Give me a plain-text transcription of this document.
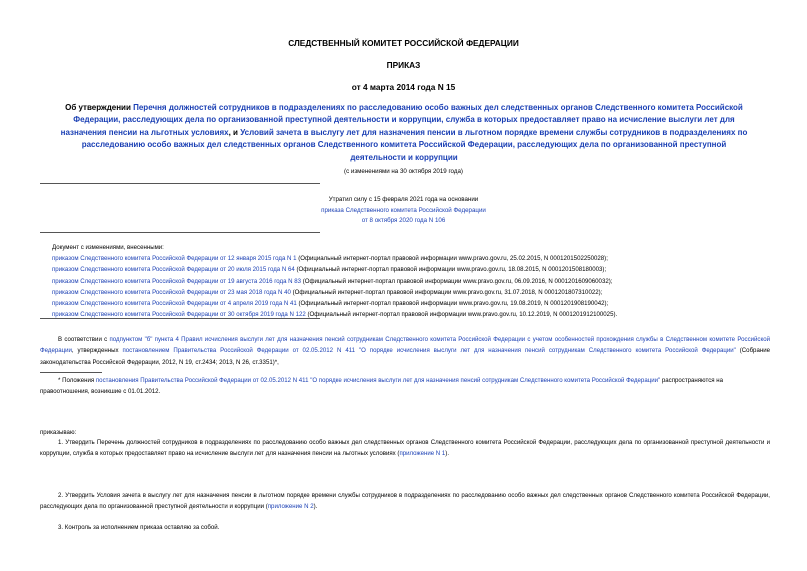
СЛЕДСТВЕННЫЙ КОМИТЕТ РОССИЙСКОЙ ФЕДЕРАЦИИ
ПРИКАЗ
от 4 марта 2014 года N 15
Об утверждении Перечня должностей сотрудников в подразделениях по расследованию особо важных дел следственных органов Следственного комитета Российской Федерации, расследующих дела по организованной преступной деятельности и коррупции, служба в которых предоставляет право на исчисление выслуги лет для назначения пенсии на льготных условиях, и Условий зачета в выслугу лет для назначения пенсии в льготном порядке времени службы сотрудников в подразделениях по расследованию особо важных дел следственных органов Следственного комитета Российской Федерации, расследующих дела по организованной преступной деятельности и коррупции
(с изменениями на 30 октября 2019 года)
Утратил силу с 15 февраля 2021 года на основании
приказа Следственного комитета Российской Федерации
от 8 октября 2020 года N 106
Документ с изменениями, внесенными:
приказом Следственного комитета Российской Федерации от 12 января 2015 года N 1 (Официальный интернет-портал правовой информации www.pravo.gov.ru, 25.02.2015, N 0001201502250028);
приказом Следственного комитета Российской Федерации от 20 июля 2015 года N 64 (Официальный интернет-портал правовой информации www.pravo.gov.ru, 18.08.2015, N 0001201508180003);
приказом Следственного комитета Российской Федерации от 19 августа 2016 года N 83 (Официальный интернет-портал правовой информации www.pravo.gov.ru, 06.09.2016, N 0001201609060032);
приказом Следственного комитета Российской Федерации от 23 мая 2018 года N 40 (Официальный интернет-портал правовой информации www.pravo.gov.ru, 31.07.2018, N 0001201807310022);
приказом Следственного комитета Российской Федерации от 4 апреля 2019 года N 41 (Официальный интернет-портал правовой информации www.pravo.gov.ru, 19.08.2019, N 0001201908190042);
приказом Следственного комитета Российской Федерации от 30 октября 2019 года N 122 (Официальный интернет-портал правовой информации www.pravo.gov.ru, 10.12.2019, N 0001201912100025).
В соответствии с подпунктом "б" пункта 4 Правил исчисления выслуги лет для назначения пенсий сотрудникам Следственного комитета Российской Федерации с учетом особенностей прохождения службы в Следственном комитете Российской Федерации, утвержденных постановлением Правительства Российской Федерации от 02.05.2012 N 411 "О порядке исчисления выслуги лет для назначения пенсий сотрудникам Следственного комитета Российской Федерации" (Собрание законодательства Российской Федерации, 2012, N 19, ст.2434; 2013, N 26, ст.3351)*,
* Положения постановления Правительства Российской Федерации от 02.05.2012 N 411 "О порядке исчисления выслуги лет для назначения пенсий сотрудникам Следственного комитета Российской Федерации" распространяются на правоотношения, возникшие с 01.01.2012.
приказываю:
1. Утвердить Перечень должностей сотрудников в подразделениях по расследованию особо важных дел следственных органов Следственного комитета Российской Федерации, расследующих дела по организованной преступной деятельности и коррупции, служба в которых предоставляет право на исчисление выслуги лет для назначения пенсии на льготных условиях (приложение N 1).
2. Утвердить Условия зачета в выслугу лет для назначения пенсии в льготном порядке времени службы сотрудников в подразделениях по расследованию особо важных дел следственных органов Следственного комитета Российской Федерации, расследующих дела по организованной преступной деятельности и коррупции (приложение N 2).
3. Контроль за исполнением приказа оставляю за собой.
